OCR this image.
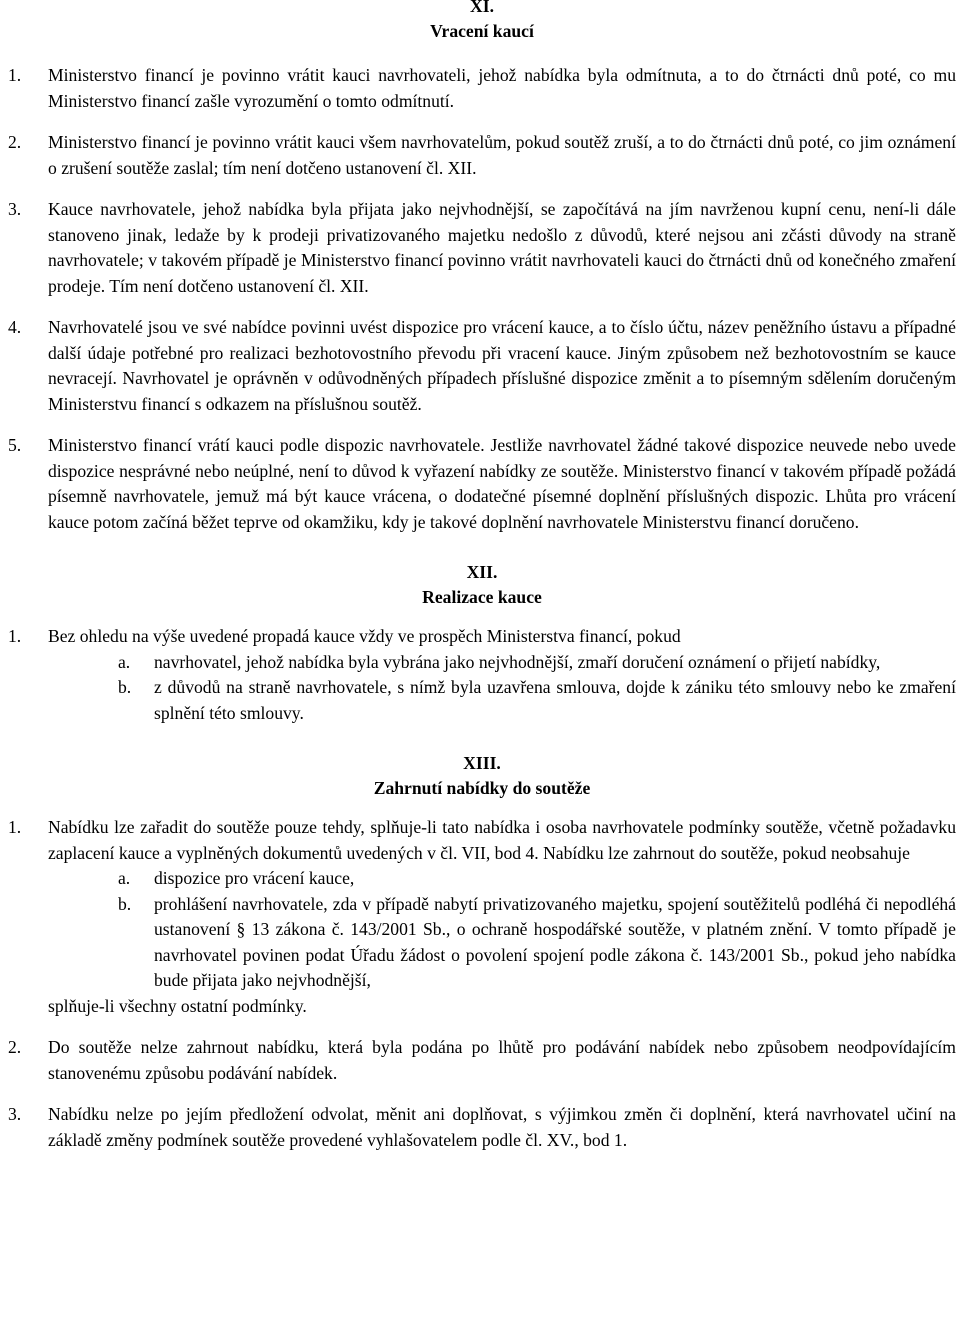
XI.
Vracení kaucí
1. Ministerstvo financí je povinno vrátit kauci navrhovateli, jehož nabídka byla odmítnuta, a to do čtrnácti dnů poté, co mu Ministerstvo financí zašle vyrozumění o tomto odmítnutí.
2. Ministerstvo financí je povinno vrátit kauci všem navrhovatelům, pokud soutěž zruší, a to do čtrnácti dnů poté, co jim oznámení o zrušení soutěže zaslal; tím není dotčeno ustanovení čl. XII.
3. Kauce navrhovatele, jehož nabídka byla přijata jako nejvhodnější, se započítává na jím navrženou kupní cenu, není-li dále stanoveno jinak, ledaže by k prodeji privatizovaného majetku nedošlo z důvodů, které nejsou ani zčásti důvody na straně navrhovatele; v takovém případě je Ministerstvo financí povinno vrátit navrhovateli kauci do čtrnácti dnů od konečného zmaření prodeje. Tím není dotčeno ustanovení čl. XII.
4. Navrhovatelé jsou ve své nabídce povinni uvést dispozice pro vrácení kauce, a to číslo účtu, název peněžního ústavu a případné další údaje potřebné pro realizaci bezhotovostního převodu při vracení kauce. Jiným způsobem než bezhotovostním se kauce nevracejí. Navrhovatel je oprávněn v odůvodněných případech příslušné dispozice změnit a to písemným sdělením doručeným Ministerstvu financí s odkazem na příslušnou soutěž.
5. Ministerstvo financí vrátí kauci podle dispozic navrhovatele. Jestliže navrhovatel žádné takové dispozice neuvede nebo uvede dispozice nesprávné nebo neúplné, není to důvod k vyřazení nabídky ze soutěže. Ministerstvo financí v takovém případě požádá písemně navrhovatele, jemuž má být kauce vrácena, o dodatečné písemné doplnění příslušných dispozic. Lhůta pro vrácení kauce potom začíná běžet teprve od okamžiku, kdy je takové doplnění navrhovatele Ministerstvu financí doručeno.
XII.
Realizace kauce
1. Bez ohledu na výše uvedené propadá kauce vždy ve prospěch Ministerstva financí, pokud
a. navrhovatel, jehož nabídka byla vybrána jako nejvhodnější, zmaří doručení oznámení o přijetí nabídky,
b. z důvodů na straně navrhovatele, s nímž byla uzavřena smlouva, dojde k zániku této smlouvy nebo ke zmaření splnění této smlouvy.
XIII.
Zahrnutí nabídky do soutěže
1. Nabídku lze zařadit do soutěže pouze tehdy, splňuje-li tato nabídka i osoba navrhovatele podmínky soutěže, včetně požadavku zaplacení kauce a vyplněných dokumentů uvedených v čl. VII, bod 4. Nabídku lze zahrnout do soutěže, pokud neobsahuje
a. dispozice pro vrácení kauce,
b. prohlášení navrhovatele, zda v případě nabytí privatizovaného majetku, spojení soutěžitelů podléhá či nepodléhá ustanovení § 13 zákona č. 143/2001 Sb., o ochraně hospodářské soutěže, v platném znění. V tomto případě je navrhovatel povinen podat Úřadu žádost o povolení spojení podle zákona č. 143/2001 Sb., pokud jeho nabídka bude přijata jako nejvhodnější,
splňuje-li všechny ostatní podmínky.
2. Do soutěže nelze zahrnout nabídku, která byla podána po lhůtě pro podávání nabídek nebo způsobem neodpovídajícím stanovenému způsobu podávání nabídek.
3. Nabídku nelze po jejím předložení odvolat, měnit ani doplňovat, s výjimkou změn či doplnění, která navrhovatel učiní na základě změny podmínek soutěže provedené vyhlašovatelem podle čl. XV., bod 1.
